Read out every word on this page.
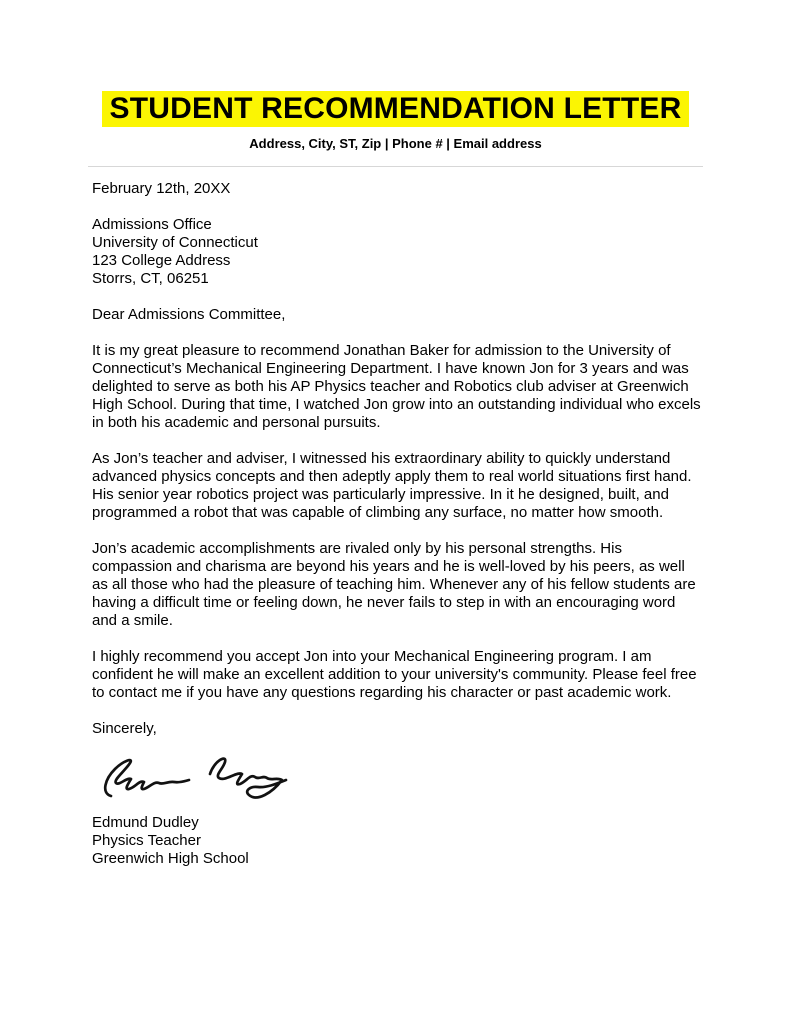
STUDENT RECOMMENDATION LETTER
Address, City, ST, Zip | Phone # | Email address

February 12th, 20XX

Admissions Office
University of Connecticut
123 College Address
Storrs, CT, 06251

Dear Admissions Committee,

It is my great pleasure to recommend Jonathan Baker for admission to the University of Connecticut’s Mechanical Engineering Department. I have known Jon for 3 years and was delighted to serve as both his AP Physics teacher and Robotics club adviser at Greenwich High School. During that time, I watched Jon grow into an outstanding individual who excels in both his academic and personal pursuits.

As Jon’s teacher and adviser, I witnessed his extraordinary ability to quickly understand advanced physics concepts and then adeptly apply them to real world situations first hand. His senior year robotics project was particularly impressive. In it he designed, built, and programmed a robot that was capable of climbing any surface, no matter how smooth.

Jon’s academic accomplishments are rivaled only by his personal strengths. His compassion and charisma are beyond his years and he is well-loved by his peers, as well as all those who had the pleasure of teaching him. Whenever any of his fellow students are having a difficult time or feeling down, he never fails to step in with an encouraging word and a smile.

I highly recommend you accept Jon into your Mechanical Engineering program. I am confident he will make an excellent addition to your university's community. Please feel free to contact me if you have any questions regarding his character or past academic work.

Sincerely,

Edmund Dudley
Physics Teacher
Greenwich High School
